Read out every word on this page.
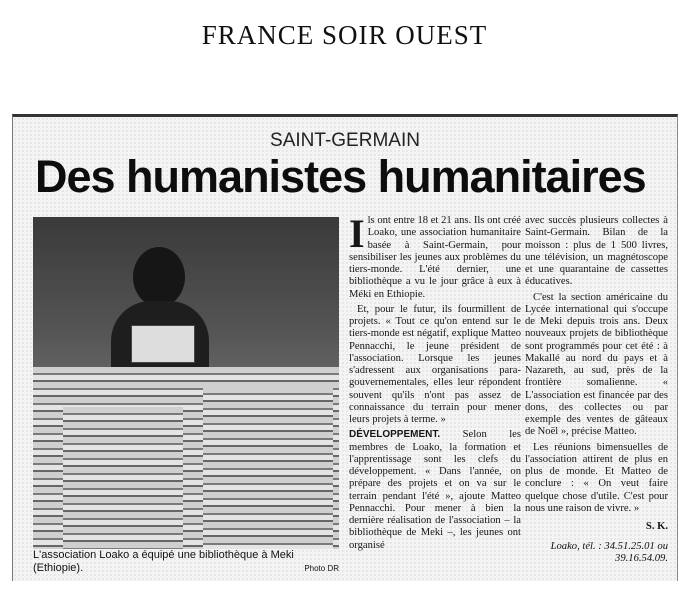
FRANCE SOIR OUEST
SAINT-GERMAIN
Des humanistes humanitaires
L'association Loako a équipé une bibliothèque à Meki (Ethiopie).	Photo DR

Ils ont entre 18 et 21 ans. Ils ont créé Loako, une association humanitaire basée à Saint-Germain, pour sensibiliser les jeunes aux problèmes du tiers-monde. L'été dernier, une bibliothèque a vu le jour grâce à eux à Méki en Ethiopie.

Et, pour le futur, ils fourmillent de projets. « Tout ce qu'on entend sur le tiers-monde est négatif, explique Matteo Pennacchi, le jeune président de l'association. Lorsque les jeunes s'adressent aux organisations para-gouvernementales, elles leur répondent souvent qu'ils n'ont pas assez de connaissance du terrain pour mener leurs projets à terme. »

DÉVELOPPEMENT. Selon les membres de Loako, la formation et l'apprentissage sont les clefs du développement. « Dans l'année, on prépare des projets et on va sur le terrain pendant l'été », ajoute Matteo Pennacchi. Pour mener à bien la dernière réalisation de l'association – la bibliothèque de Meki –, les jeunes ont organisé

avec succès plusieurs collectes à Saint-Germain. Bilan de la moisson : plus de 1 500 livres, une télévision, un magnétoscope et une quarantaine de cassettes éducatives.

C'est la section américaine du Lycée international qui s'occupe de Meki depuis trois ans. Deux nouveaux projets de bibliothèque sont programmés pour cet été : à Makallé au nord du pays et à Nazareth, au sud, près de la frontière somalienne. « L'association est financée par des dons, des collectes ou par exemple des ventes de gâteaux de Noël », précise Matteo.

Les réunions bimensuelles de l'association attirent de plus en plus de monde. Et Matteo de conclure : « On veut faire quelque chose d'utile. C'est pour nous une raison de vivre. »

S. K.
Loako, tél. : 34.51.25.01 ou 39.16.54.09.
